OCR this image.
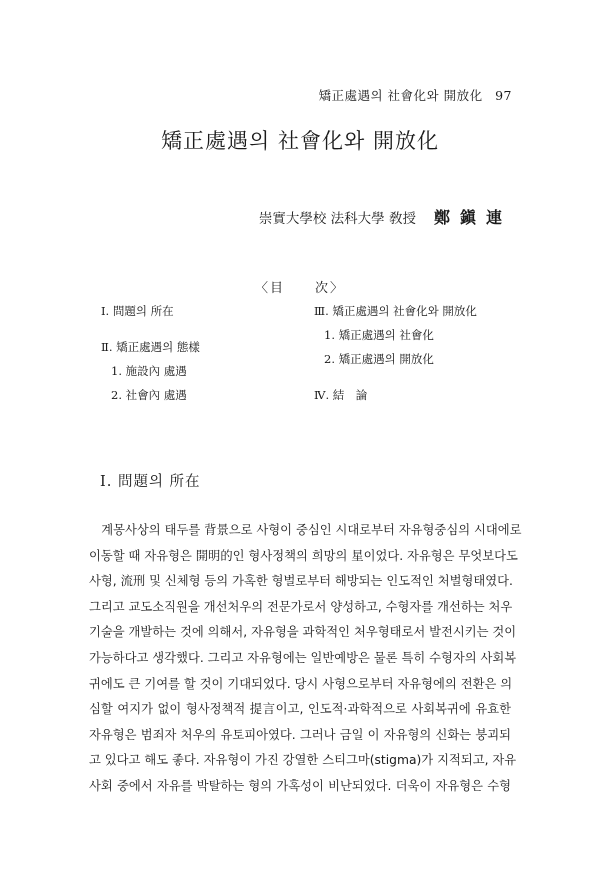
矯正處遇의 社會化와 開放化 97
矯正處遇의 社會化와 開放化
崇實大學校 法科大學 敎授 鄭鎭連
〈目　　次〉
Ⅰ. 問題의 所在
Ⅱ. 矯正處遇의 態樣
1. 施設內 處遇
2. 社會內 處遇
Ⅲ. 矯正處遇의 社會化와 開放化
1. 矯正處遇의 社會化
2. 矯正處遇의 開放化
Ⅳ. 結　論
Ⅰ. 問題의 所在
　계몽사상의 태두를 背景으로 사형이 중심인 시대로부터 자유형중심의 시대에로
이동할 때 자유형은 開明的인 형사정책의 희망의 星이었다. 자유형은 무엇보다도
사형, 流刑 및 신체형 등의 가혹한 형벌로부터 해방되는 인도적인 처벌형태였다.
그리고 교도소직원을 개선처우의 전문가로서 양성하고, 수형자를 개선하는 처우
기술을 개발하는 것에 의해서, 자유형을 과학적인 처우형태로서 발전시키는 것이
가능하다고 생각했다. 그리고 자유형에는 일반예방은 물론 특히 수형자의 사회복
귀에도 큰 기여를 할 것이 기대되었다. 당시 사형으로부터 자유형에의 전환은 의
심할 여지가 없이 형사정책적 提言이고, 인도적·과학적으로 사회복귀에 유효한
자유형은 범죄자 처우의 유토피아였다. 그러나 금일 이 자유형의 신화는 붕괴되
고 있다고 해도 좋다. 자유형이 가진 강열한 스티그마(stigma)가 지적되고, 자유
사회 중에서 자유를 박탈하는 형의 가혹성이 비난되었다. 더욱이 자유형은 수형
